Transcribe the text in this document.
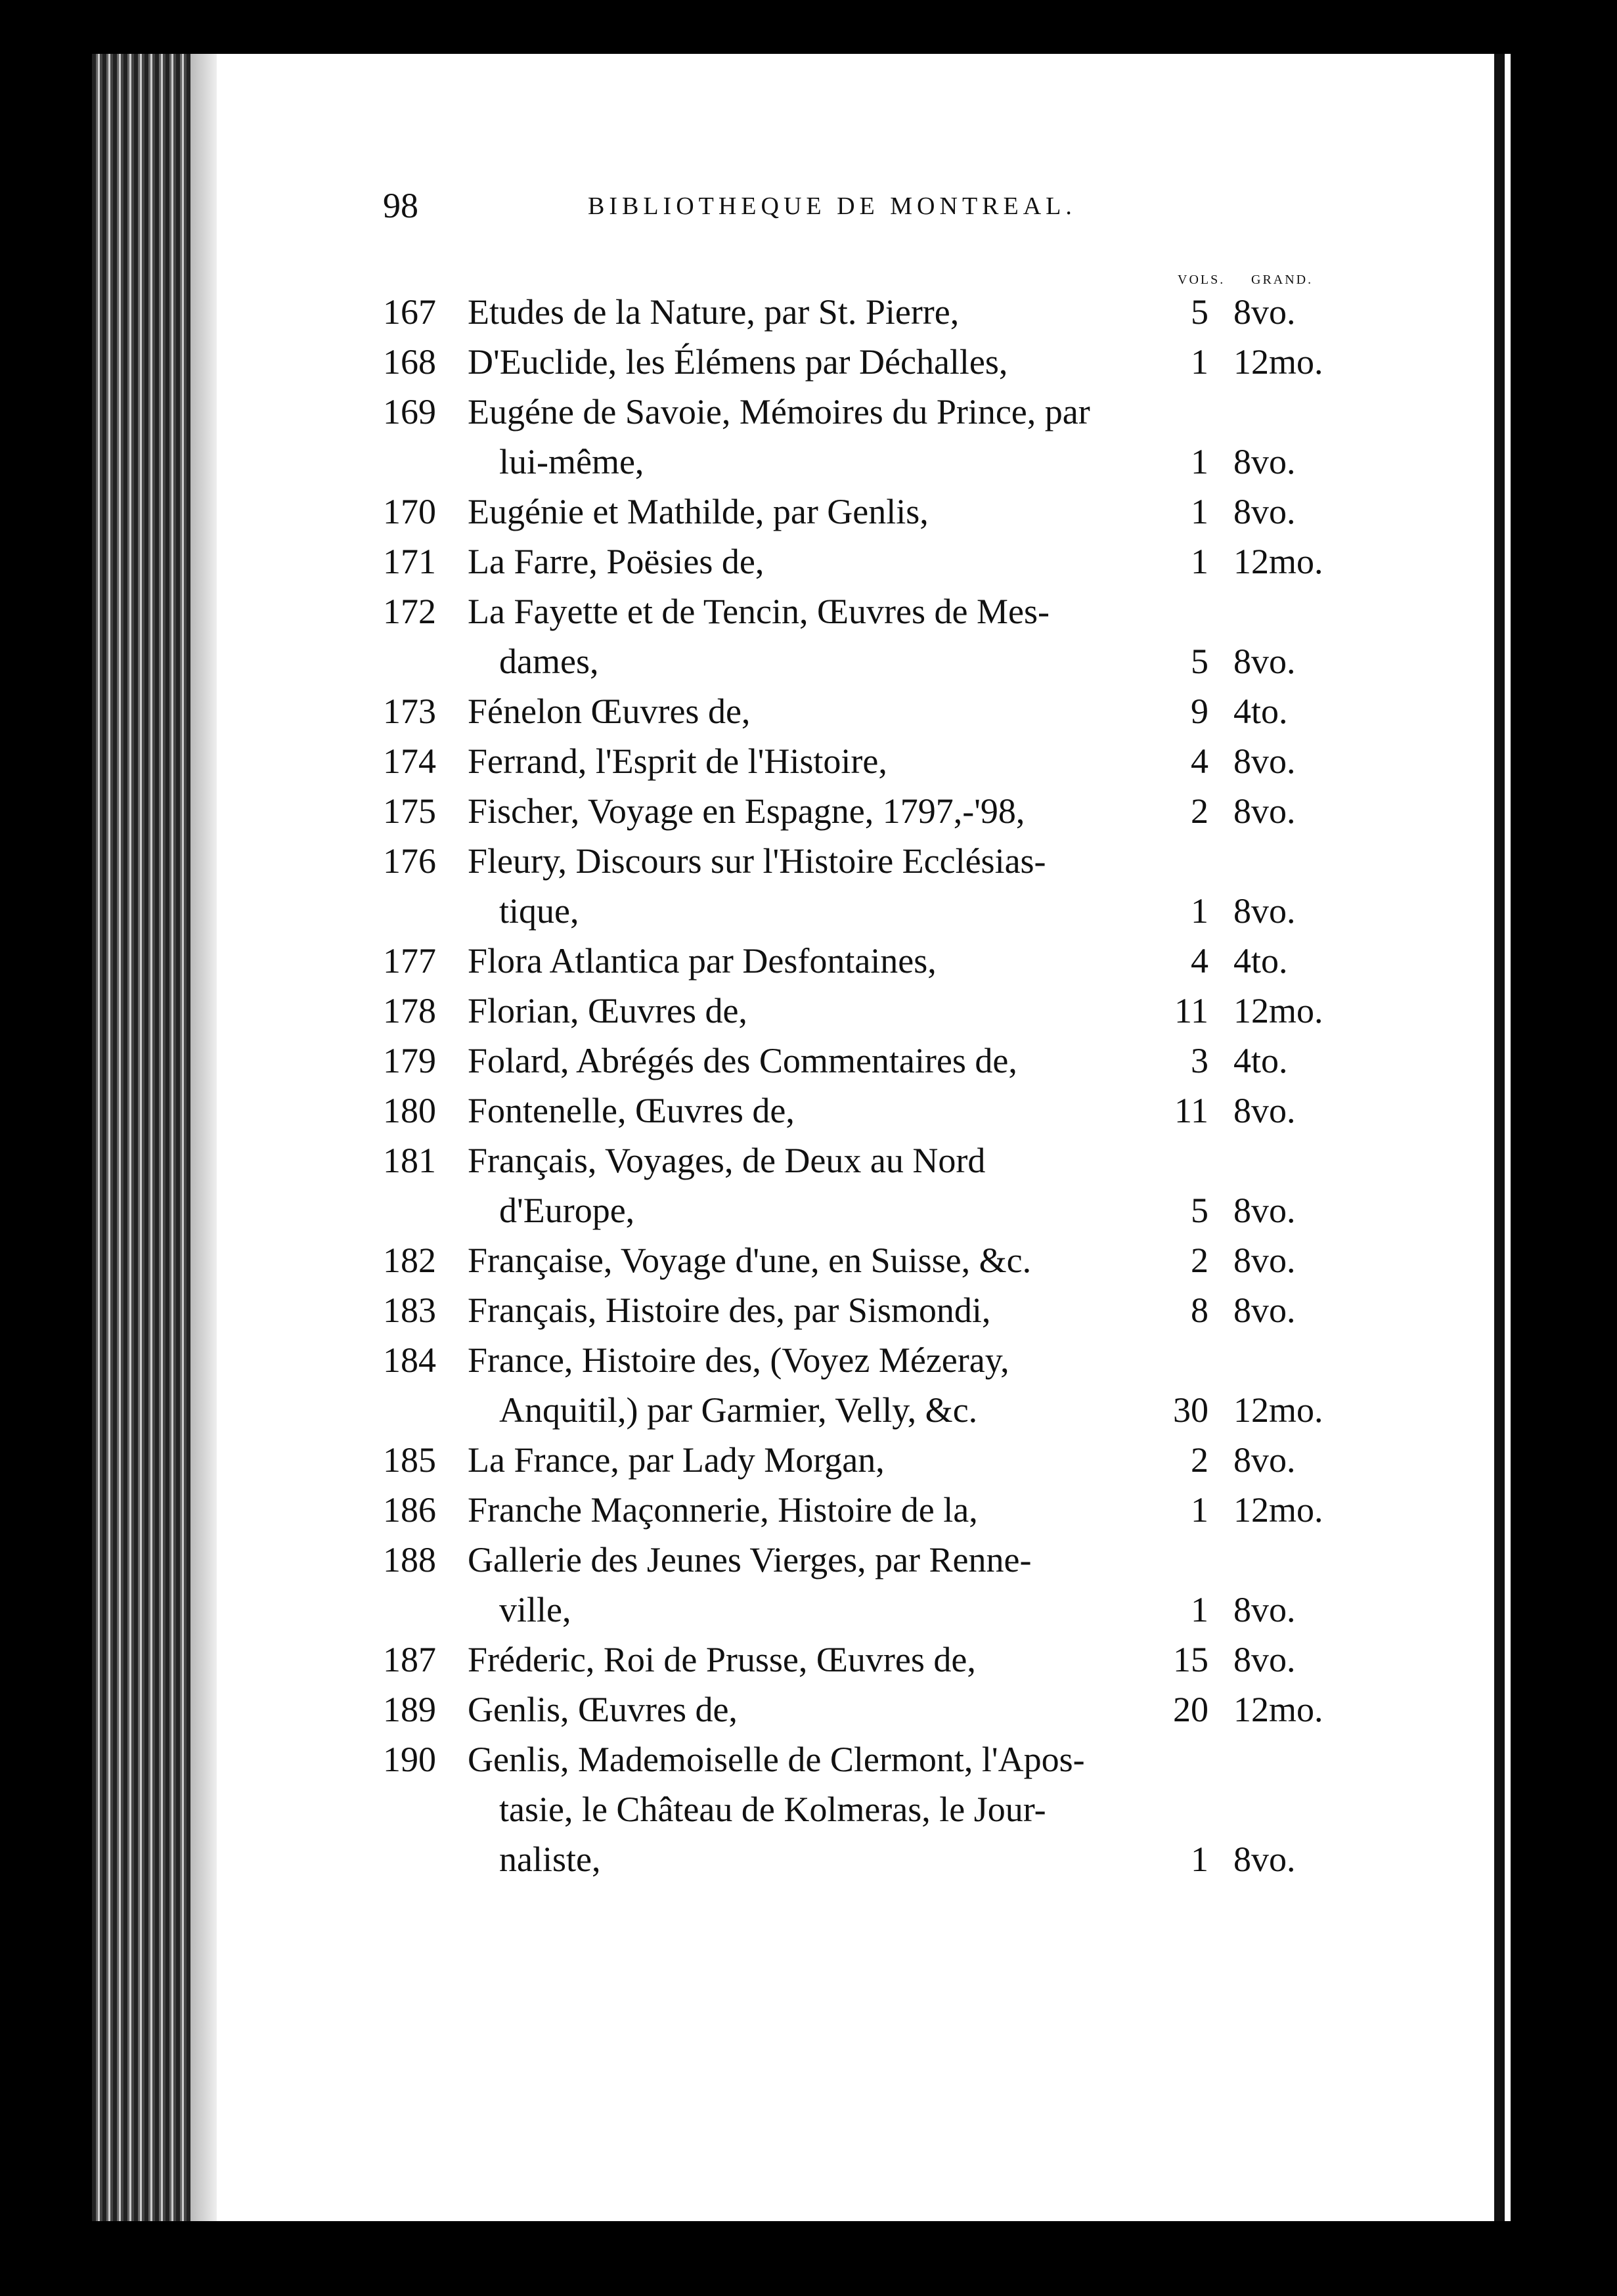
98	BIBLIOTHEQUE DE MONTREAL.
VOLS. GRAND.
167 Etudes de la Nature, par St. Pierre,	5 8vo.
168 D'Euclide, les Élémens par Déchalles,	1 12mo.
169 Eugéne de Savoie, Mémoires du Prince, par
lui-même,	1 8vo.
170 Eugénie et Mathilde, par Genlis,	1 8vo.
171 La Farre, Poësies de,	1 12mo.
172 La Fayette et de Tencin, Œuvres de Mes-
dames,	5 8vo.
173 Fénelon Œuvres de,	9 4to.
174 Ferrand, l'Esprit de l'Histoire,	4 8vo.
175 Fischer, Voyage en Espagne, 1797,-'98,	2 8vo.
176 Fleury, Discours sur l'Histoire Ecclésias-
tique,	1 8vo.
177 Flora Atlantica par Desfontaines,	4 4to.
178 Florian, Œuvres de,	11 12mo.
179 Folard, Abrégés des Commentaires de,	3 4to.
180 Fontenelle, Œuvres de,	11 8vo.
181 Français, Voyages, de Deux au Nord
d'Europe,	5 8vo.
182 Française, Voyage d'une, en Suisse, &c.	2 8vo.
183 Français, Histoire des, par Sismondi,	8 8vo.
184 France, Histoire des, (Voyez Mézeray,
Anquitil,) par Garmier, Velly, &c.	30 12mo.
185 La France, par Lady Morgan,	2 8vo.
186 Franche Maçonnerie, Histoire de la,	1 12mo.
188 Gallerie des Jeunes Vierges, par Renne-
ville,	1 8vo.
187 Fréderic, Roi de Prusse, Œuvres de,	15 8vo.
189 Genlis, Œuvres de,	20 12mo.
190 Genlis, Mademoiselle de Clermont, l'Apos-
tasie, le Château de Kolmeras, le Jour-
naliste,	1 8vo.
